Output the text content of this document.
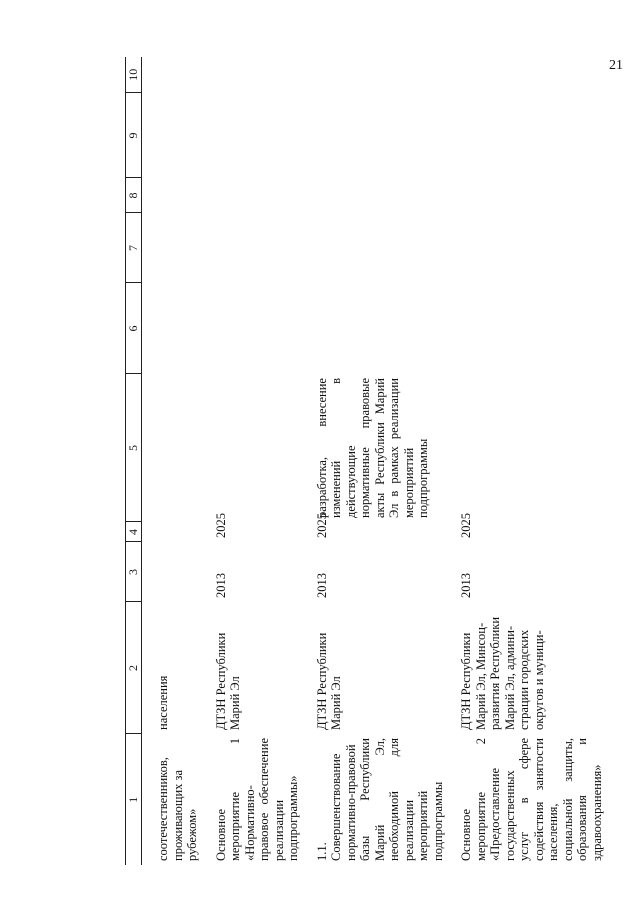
21
1	2	3	4	5	6	7	8	9	10

соотечественников, проживающих за рубежом»	населения								

Основное мероприятие 1 «Нормативно-правовое обеспечение реализации подпрограммы»	ДТЗН Республики Марий Эл	2013	2025						

1.1. Совершенствование нормативно-правовой базы Республики Марий Эл, необходимой для реализации мероприятий подпрограммы	ДТЗН Республики Марий Эл	2013	2025	разработка, внесение изменений в действующие нормативные правовые акты Республики Марий Эл в рамках реализации мероприятий подпрограммы					

Основное мероприятие 2 «Предоставление государственных услуг в сфере содействия занятости населения, социальной защиты, образования и здравоохранения»	ДТЗН Республики Марий Эл, Минсоц-развития Республики Марий Эл, админи-страции городских округов и муници-	2013	2025						
